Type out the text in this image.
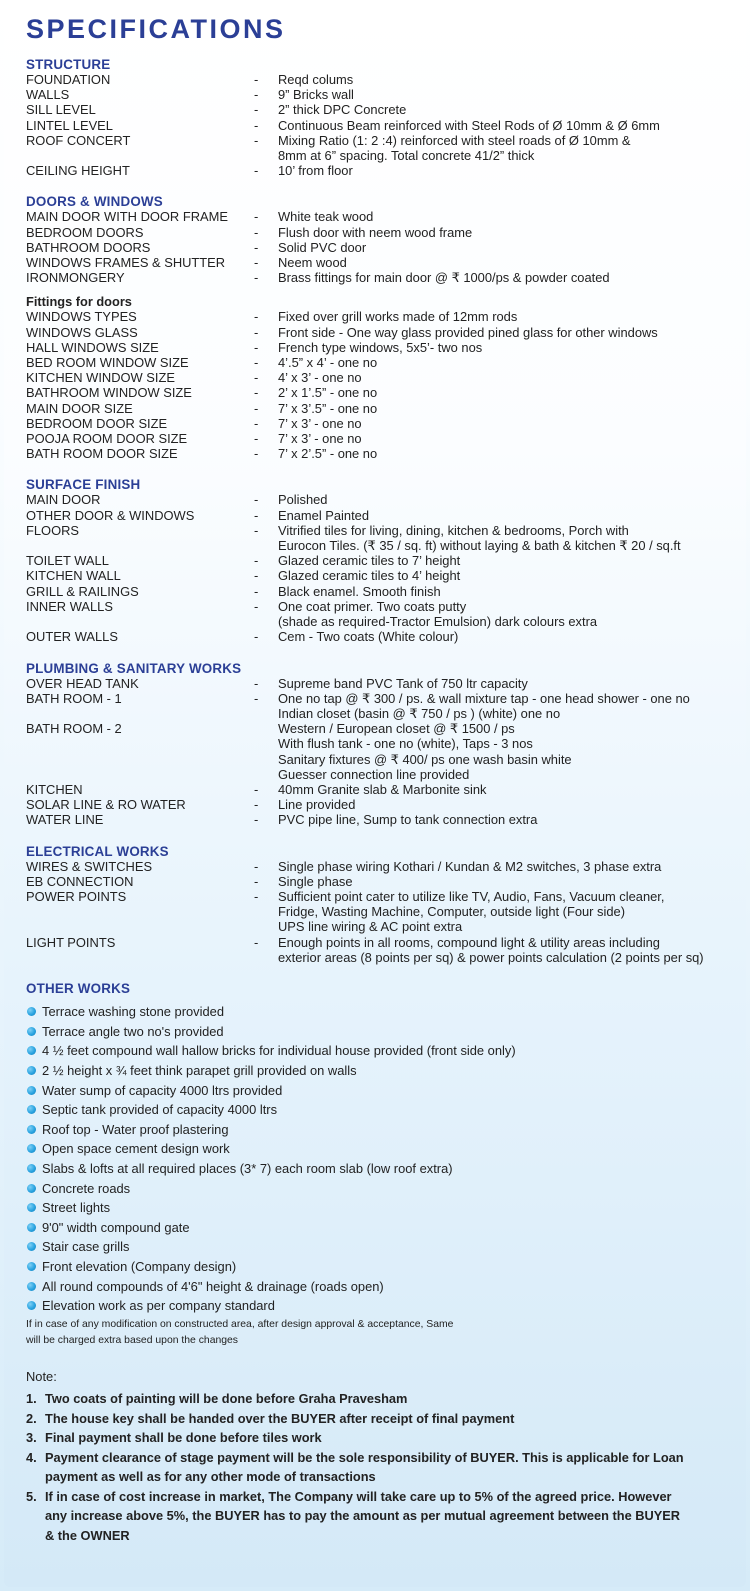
SPECIFICATIONS
STRUCTURE
FOUNDATION	-	Reqd colums
WALLS	-	9” Bricks wall
SILL LEVEL	-	2” thick DPC Concrete
LINTEL LEVEL	-	Continuous Beam reinforced with Steel Rods of Ø 10mm & Ø 6mm
ROOF CONCERT	-	Mixing Ratio (1: 2 :4) reinforced with steel roads of Ø 10mm &
8mm at 6” spacing. Total concrete 41/2” thick
CEILING HEIGHT	-	10’ from floor
DOORS & WINDOWS
MAIN DOOR WITH DOOR FRAME	-	White teak wood
BEDROOM DOORS	-	Flush door with neem wood frame
BATHROOM DOORS	-	Solid PVC door
WINDOWS FRAMES & SHUTTER	-	Neem wood
IRONMONGERY	-	Brass fittings for main door @ ₹ 1000/ps & powder coated
Fittings for doors
WINDOWS TYPES	-	Fixed over grill works made of 12mm rods
WINDOWS GLASS	-	Front side - One way glass provided pined glass for other windows
HALL WINDOWS SIZE	-	French type windows, 5x5’- two nos
BED ROOM WINDOW SIZE	-	4’.5” x 4’ - one no
KITCHEN WINDOW SIZE	-	4’ x 3’ - one no
BATHROOM WINDOW SIZE	-	2’ x 1’.5” - one no
MAIN DOOR SIZE	-	7’ x 3’.5” - one no
BEDROOM DOOR SIZE	-	7’ x 3’ - one no
POOJA ROOM DOOR SIZE	-	7’ x 3’ - one no
BATH ROOM DOOR SIZE	-	7’ x 2’.5” - one no
SURFACE FINISH
MAIN DOOR	-	Polished
OTHER DOOR & WINDOWS	-	Enamel Painted
FLOORS	-	Vitrified tiles for living, dining, kitchen & bedrooms, Porch with
Eurocon Tiles. (₹ 35 / sq. ft) without laying & bath & kitchen ₹ 20 / sq.ft
TOILET WALL	-	Glazed ceramic tiles to 7’ height
KITCHEN WALL	-	Glazed ceramic tiles to 4’ height
GRILL & RAILINGS	-	Black enamel. Smooth finish
INNER WALLS	-	One coat primer. Two coats putty
(shade as required-Tractor Emulsion) dark colours extra
OUTER WALLS	-	Cem - Two coats (White colour)
PLUMBING & SANITARY WORKS
OVER HEAD TANK	-	Supreme band PVC Tank of 750 ltr capacity
BATH ROOM - 1	-	One no tap @ ₹ 300 / ps. & wall mixture tap - one head shower - one no
Indian closet (basin @ ₹ 750 / ps ) (white) one no
BATH ROOM - 2	Western / European closet @ ₹ 1500 / ps
With flush tank - one no (white), Taps - 3 nos
Sanitary fixtures @ ₹ 400/ ps one wash basin white
Guesser connection line provided
KITCHEN	-	40mm Granite slab & Marbonite sink
SOLAR LINE & RO WATER	-	Line provided
WATER LINE	-	PVC pipe line, Sump to tank connection extra
ELECTRICAL WORKS
WIRES & SWITCHES	-	Single phase wiring Kothari / Kundan & M2 switches, 3 phase extra
EB CONNECTION	-	Single phase
POWER POINTS	-	Sufficient point cater to utilize like TV, Audio, Fans, Vacuum cleaner,
Fridge, Wasting Machine, Computer, outside light (Four side)
UPS line wiring & AC point extra
LIGHT POINTS	-	Enough points in all rooms, compound light & utility areas including
exterior areas (8 points per sq) & power points calculation (2 points per sq)
OTHER WORKS
Terrace washing stone provided
Terrace angle two no's provided
4 ½ feet compound wall hallow bricks for individual house provided (front side only)
2 ½ height x ¾ feet think parapet grill provided on walls
Water sump of capacity 4000 ltrs provided
Septic tank provided of capacity 4000 ltrs
Roof top - Water proof plastering
Open space cement design work
Slabs & lofts at all required places (3* 7) each room slab (low roof extra)
Concrete roads
Street lights
9'0" width compound gate
Stair case grills
Front elevation (Company design)
All round compounds of 4'6" height & drainage (roads open)
Elevation work as per company standard
If in case of any modification on constructed area, after design approval & acceptance, Same
will be charged extra based upon the changes
Note:
1. Two coats of painting will be done before Graha Pravesham
2. The house key shall be handed over the BUYER after receipt of final payment
3. Final payment shall be done before tiles work
4. Payment clearance of stage payment will be the sole responsibility of BUYER. This is applicable for Loan
payment as well as for any other mode of transactions
5. If in case of cost increase in market, The Company will take care up to 5% of the agreed price. However
any increase above 5%, the BUYER has to pay the amount as per mutual agreement between the BUYER
& the OWNER
